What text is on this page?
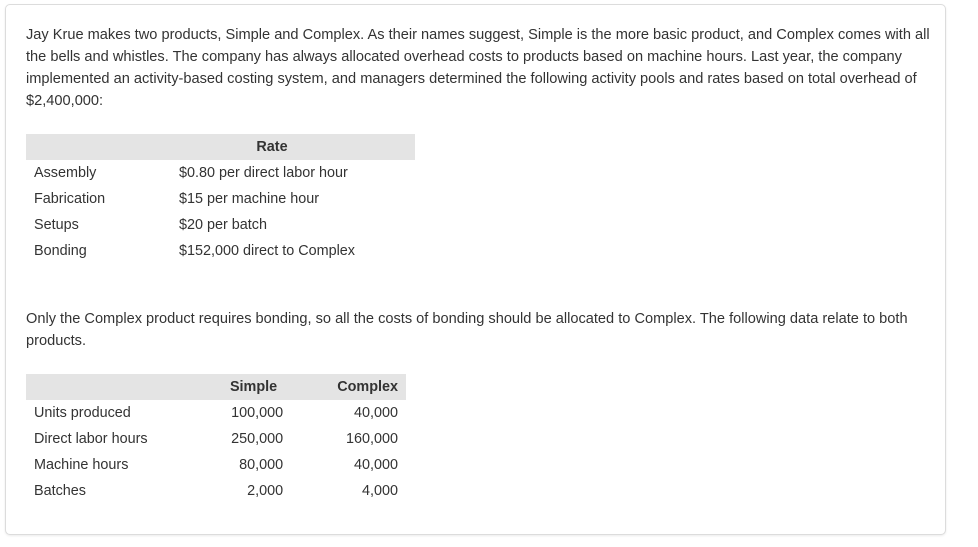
Jay Krue makes two products, Simple and Complex. As their names suggest, Simple is the more basic product, and Complex comes with all the bells and whistles. The company has always allocated overhead costs to products based on machine hours. Last year, the company implemented an activity-based costing system, and managers determined the following activity pools and rates based on total overhead of $2,400,000:

	Rate
Assembly	$0.80 per direct labor hour
Fabrication	$15 per machine hour
Setups	$20 per batch
Bonding	$152,000 direct to Complex

Only the Complex product requires bonding, so all the costs of bonding should be allocated to Complex. The following data relate to both products.

	Simple	Complex
Units produced	100,000	40,000
Direct labor hours	250,000	160,000
Machine hours	80,000	40,000
Batches	2,000	4,000
